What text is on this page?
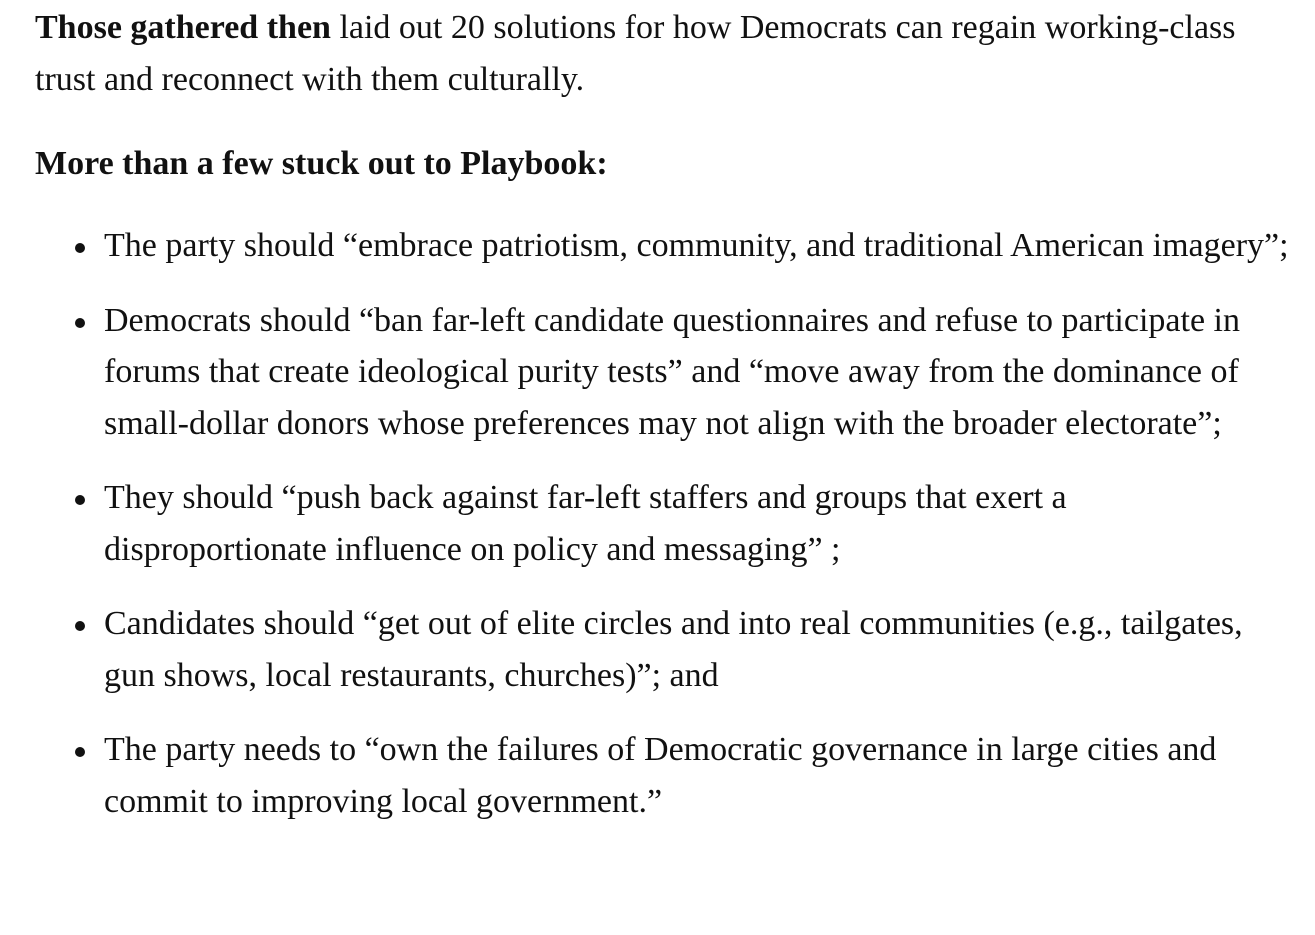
Those gathered then laid out 20 solutions for how Democrats can regain working-class trust and reconnect with them culturally.

More than a few stuck out to Playbook:
The party should “embrace patriotism, community, and traditional American imagery”;
Democrats should “ban far-left candidate questionnaires and refuse to participate in forums that create ideological purity tests” and “move away from the dominance of small-dollar donors whose preferences may not align with the broader electorate”;
They should “push back against far-left staffers and groups that exert a disproportionate influence on policy and messaging” ;
Candidates should “get out of elite circles and into real communities (e.g., tailgates, gun shows, local restaurants, churches)”; and
The party needs to “own the failures of Democratic governance in large cities and commit to improving local government.”
